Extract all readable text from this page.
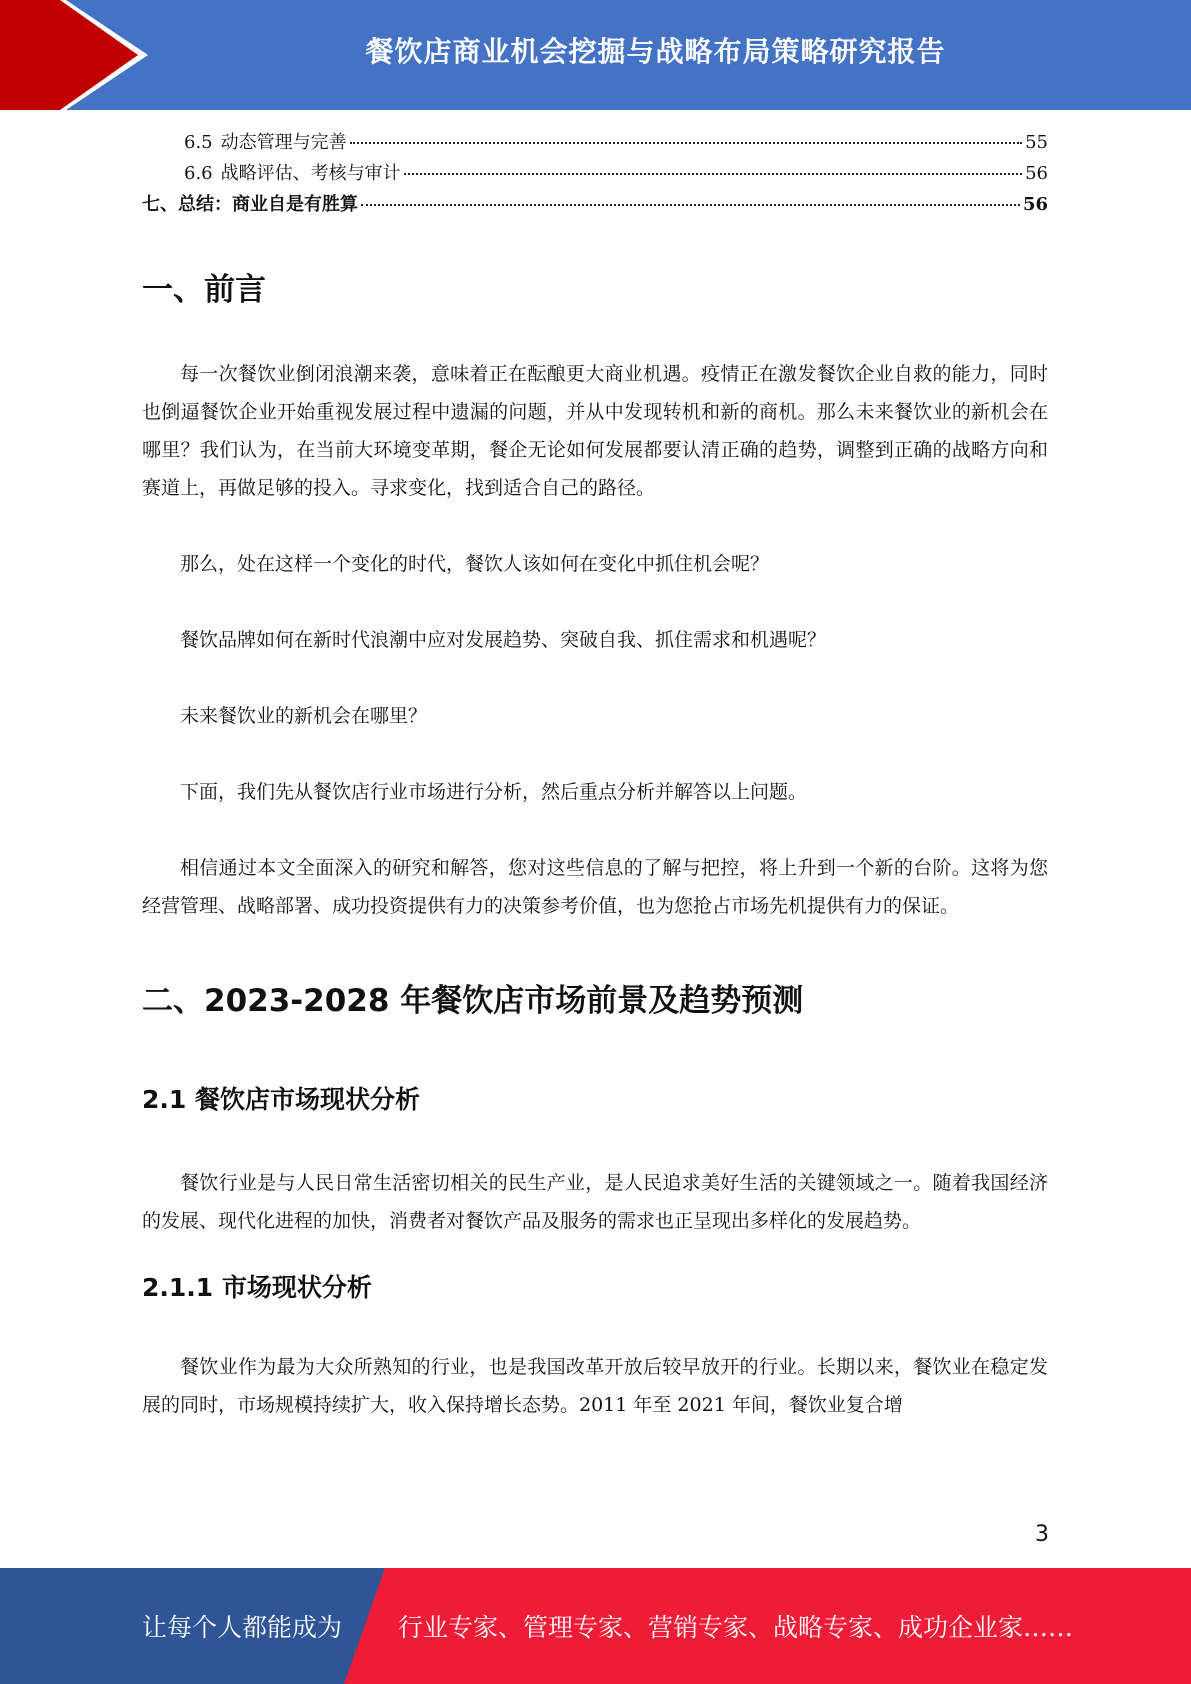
餐饮店商业机会挖掘与战略布局策略研究报告
6.5 动态管理与完善	55
6.6 战略评估、考核与审计	56
七、总结：商业自是有胜算	56
一、前言

每一次餐饮业倒闭浪潮来袭，意味着正在酝酿更大商业机遇。疫情正在激发餐饮企业自救的能力，同时也倒逼餐饮企业开始重视发展过程中遗漏的问题，并从中发现转机和新的商机。那么未来餐饮业的新机会在哪里？我们认为，在当前大环境变革期，餐企无论如何发展都要认清正确的趋势，调整到正确的战略方向和赛道上，再做足够的投入。寻求变化，找到适合自己的路径。

那么，处在这样一个变化的时代，餐饮人该如何在变化中抓住机会呢？

餐饮品牌如何在新时代浪潮中应对发展趋势、突破自我、抓住需求和机遇呢？

未来餐饮业的新机会在哪里？

下面，我们先从餐饮店行业市场进行分析，然后重点分析并解答以上问题。

相信通过本文全面深入的研究和解答，您对这些信息的了解与把控，将上升到一个新的台阶。这将为您经营管理、战略部署、成功投资提供有力的决策参考价值，也为您抢占市场先机提供有力的保证。

二、2023-2028 年餐饮店市场前景及趋势预测
2.1 餐饮店市场现状分析

餐饮行业是与人民日常生活密切相关的民生产业，是人民追求美好生活的关键领域之一。随着我国经济的发展、现代化进程的加快，消费者对餐饮产品及服务的需求也正呈现出多样化的发展趋势。

2.1.1 市场现状分析

餐饮业作为最为大众所熟知的行业，也是我国改革开放后较早放开的行业。长期以来，餐饮业在稳定发展的同时，市场规模持续扩大，收入保持增长态势。2011 年至 2021 年间，餐饮业复合增

3
让每个人都能成为 行业专家、管理专家、营销专家、战略专家、成功企业家……
